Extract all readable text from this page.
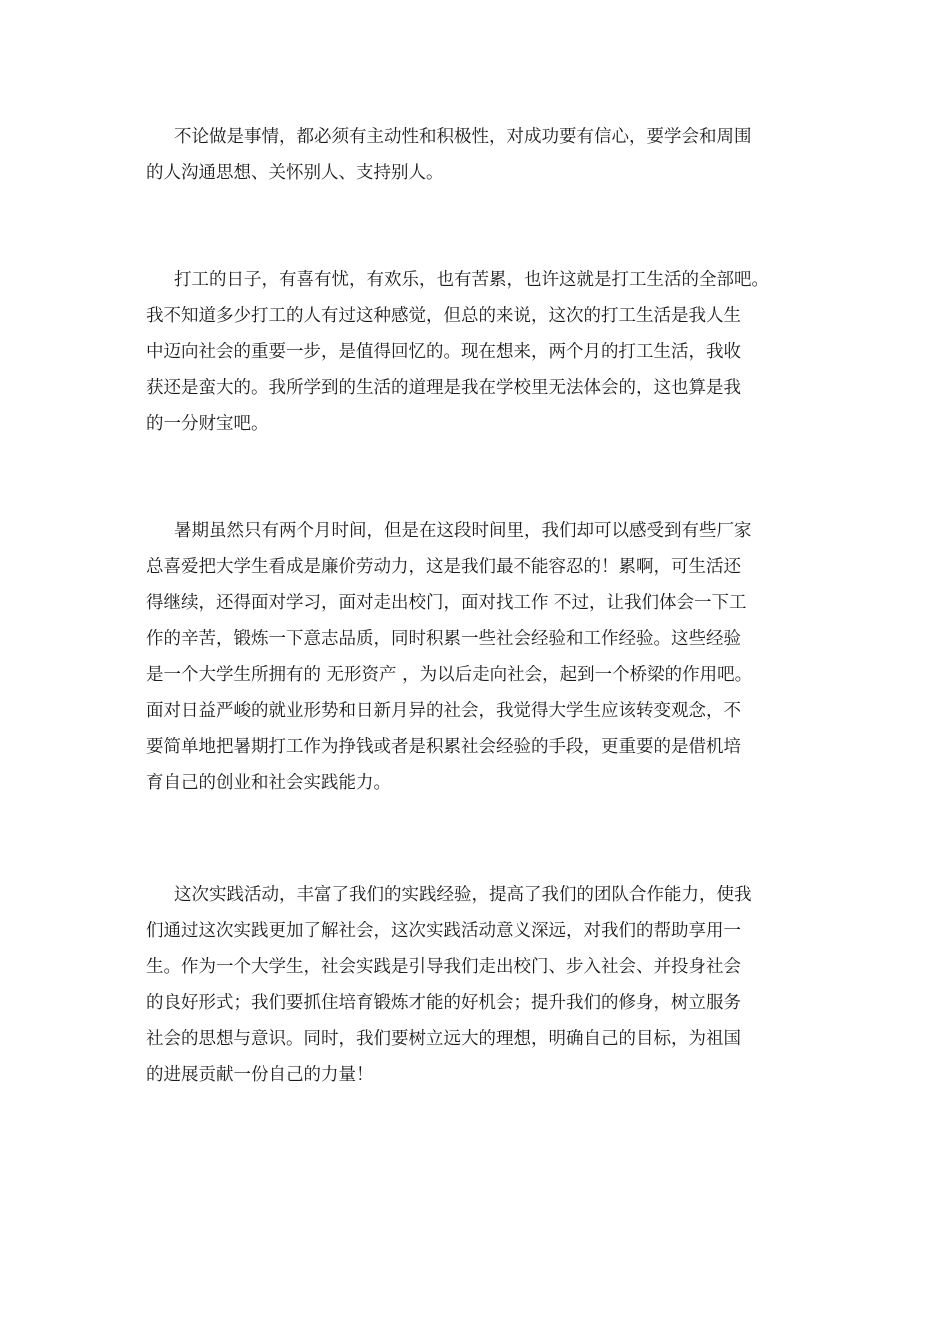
不论做是事情，都必须有主动性和积极性，对成功要有信心，要学会和周围
的人沟通思想、关怀别人、支持别人。
打工的日子，有喜有忧，有欢乐，也有苦累，也许这就是打工生活的全部吧。
我不知道多少打工的人有过这种感觉，但总的来说，这次的打工生活是我人生
中迈向社会的重要一步，是值得回忆的。现在想来，两个月的打工生活，我收
获还是蛮大的。我所学到的生活的道理是我在学校里无法体会的，这也算是我
的一分财宝吧。
暑期虽然只有两个月时间，但是在这段时间里，我们却可以感受到有些厂家
总喜爱把大学生看成是廉价劳动力，这是我们最不能容忍的！累啊，可生活还
得继续，还得面对学习，面对走出校门，面对找工作 不过，让我们体会一下工
作的辛苦，锻炼一下意志品质，同时积累一些社会经验和工作经验。这些经验
是一个大学生所拥有的 无形资产 ，为以后走向社会，起到一个桥梁的作用吧。
面对日益严峻的就业形势和日新月异的社会，我觉得大学生应该转变观念，不
要简单地把暑期打工作为挣钱或者是积累社会经验的手段，更重要的是借机培
育自己的创业和社会实践能力。
这次实践活动，丰富了我们的实践经验，提高了我们的团队合作能力，使我
们通过这次实践更加了解社会，这次实践活动意义深远，对我们的帮助享用一
生。作为一个大学生，社会实践是引导我们走出校门、步入社会、并投身社会
的良好形式；我们要抓住培育锻炼才能的好机会；提升我们的修身，树立服务
社会的思想与意识。同时，我们要树立远大的理想，明确自己的目标，为祖国
的进展贡献一份自己的力量！
